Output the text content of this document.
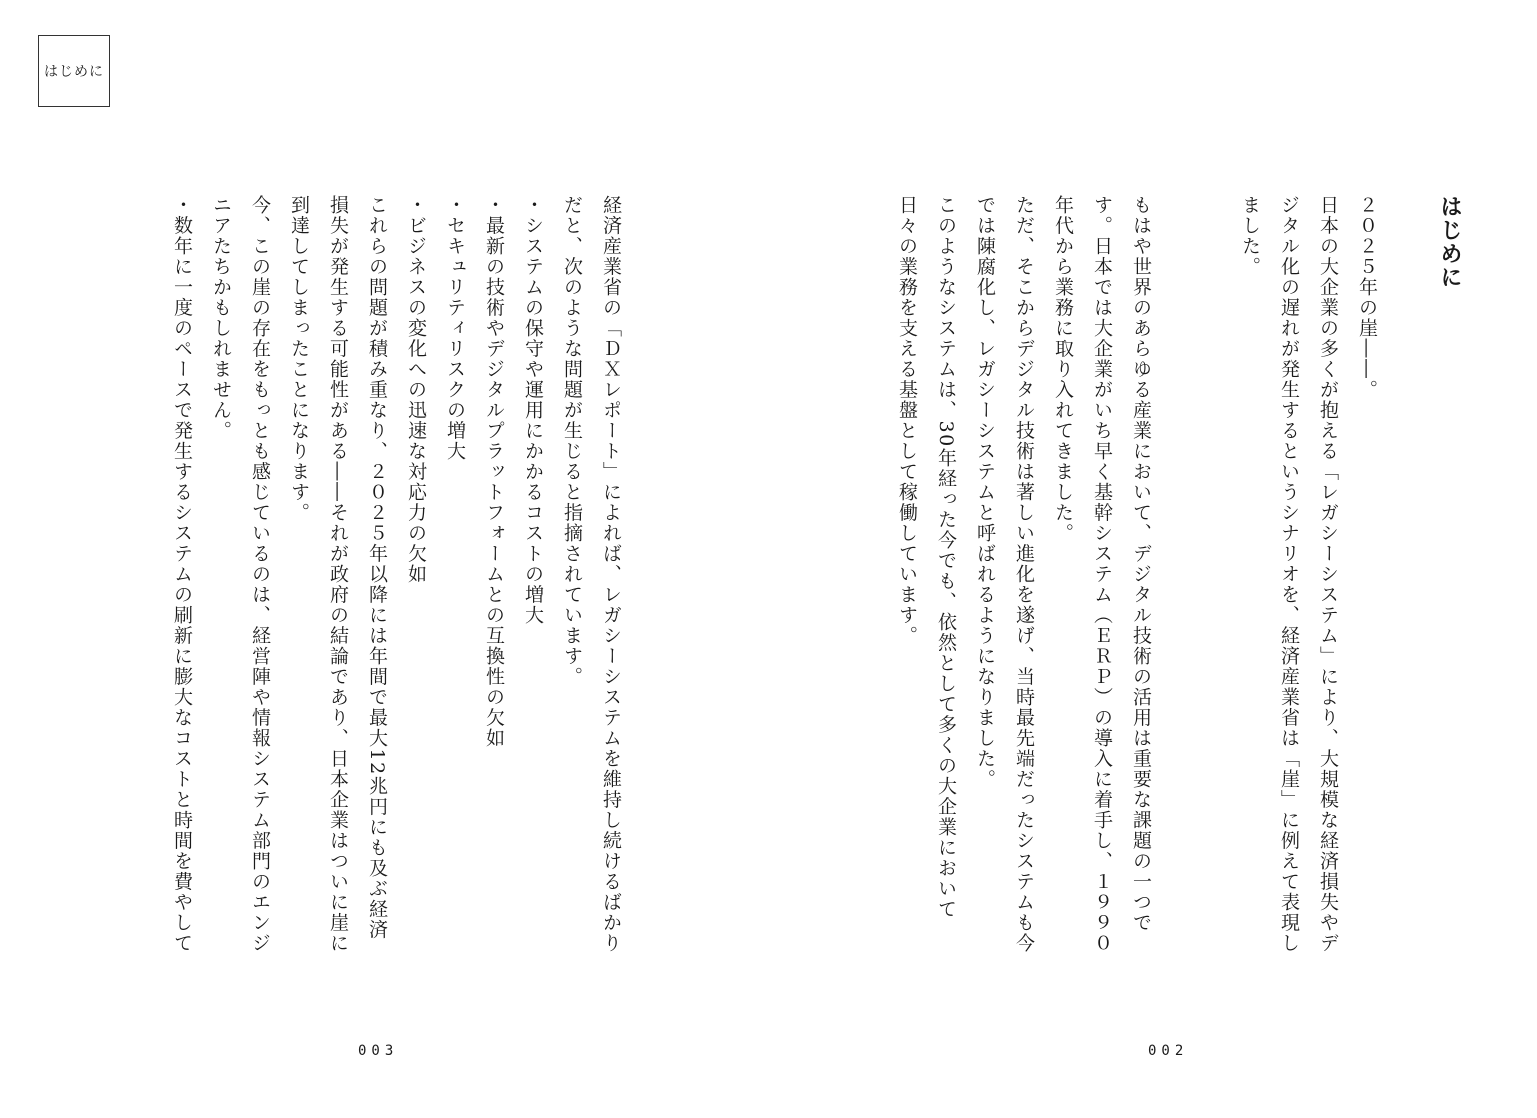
はじめに
はじめに

２０２５年の崖――。

日本の大企業の多くが抱える「レガシーシステム」により、大規模な経済損失やデジタル化の遅れが発生するというシナリオを、経済産業省は「崖」に例えて表現しました。

もはや世界のあらゆる産業において、デジタル技術の活用は重要な課題の一つです。日本では大企業がいち早く基幹システム（ＥＲＰ）の導入に着手し、１９９０年代から業務に取り入れてきました。

ただ、そこからデジタル技術は著しい進化を遂げ、当時最先端だったシステムも今では陳腐化し、レガシーシステムと呼ばれるようになりました。

このようなシステムは、30年経った今でも、依然として多くの大企業において日々の業務を支える基盤として稼働しています。

経済産業省の「ＤＸレポート」によれば、レガシーシステムを維持し続けるばかりだと、次のような問題が生じると指摘されています。

・システムの保守や運用にかかるコストの増大

・最新の技術やデジタルプラットフォームとの互換性の欠如

・セキュリティリスクの増大

・ビジネスの変化への迅速な対応力の欠如

これらの問題が積み重なり、２０２５年以降には年間で最大12兆円にも及ぶ経済損失が発生する可能性がある――それが政府の結論であり、日本企業はついに崖に到達してしまったことになります。

今、この崖の存在をもっとも感じているのは、経営陣や情報システム部門のエンジニアたちかもしれません。

・数年に一度のペースで発生するシステムの刷新に膨大なコストと時間を費やして

002
003
